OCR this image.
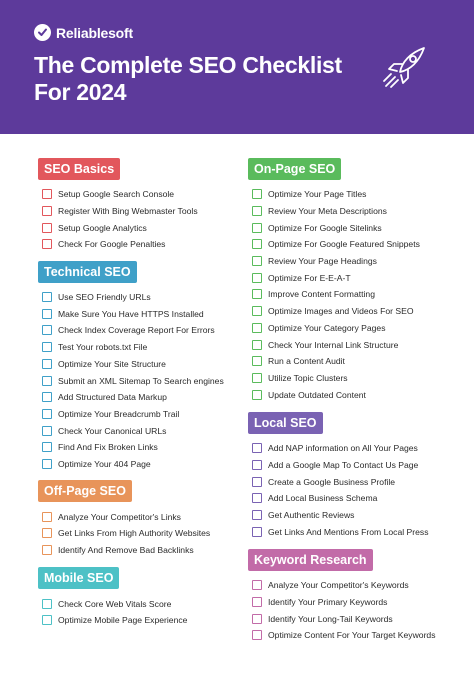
Reliablesoft
The Complete SEO Checklist
For 2024
SEO Basics
Setup Google Search Console
Register With Bing Webmaster Tools
Setup Google Analytics
Check For Google Penalties
Technical SEO
Use SEO Friendly URLs
Make Sure You Have HTTPS Installed
Check Index Coverage Report For Errors
Test Your robots.txt File
Optimize Your Site Structure
Submit an XML Sitemap To Search engines
Add Structured Data Markup
Optimize Your Breadcrumb Trail
Check Your Canonical URLs
Find And Fix Broken Links
Optimize Your 404 Page
Off-Page SEO
Analyze Your Competitor's Links
Get Links From High Authority Websites
Identify And Remove Bad Backlinks
Mobile SEO
Check Core Web Vitals Score
Optimize Mobile Page Experience
On-Page SEO
Optimize Your Page Titles
Review Your Meta Descriptions
Optimize For Google Sitelinks
Optimize For Google Featured Snippets
Review Your Page Headings
Optimize For E-E-A-T
Improve Content Formatting
Optimize Images and Videos For SEO
Optimize Your Category Pages
Check Your Internal Link Structure
Run a Content Audit
Utilize Topic Clusters
Update Outdated Content
Local SEO
Add NAP information on All Your Pages
Add a Google Map To Contact Us Page
Create a Google Business Profile
Add Local Business Schema
Get Authentic Reviews
Get Links And Mentions From Local Press
Keyword Research
Analyze Your Competitor's Keywords
Identify Your Primary Keywords
Identify Your Long-Tail Keywords
Optimize Content For Your Target Keywords
